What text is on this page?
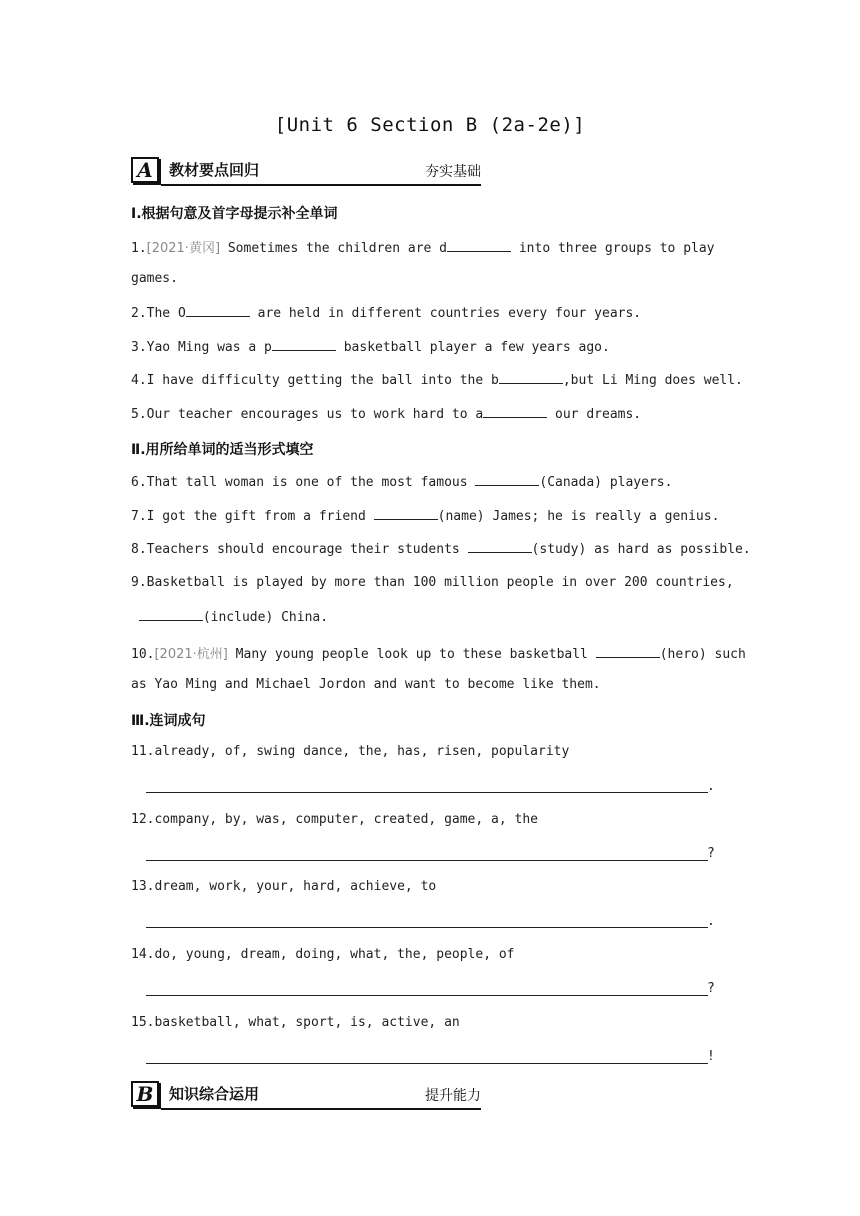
[Unit 6 Section B (2a-2e)]
A	教材要点回归	夯实基础
Ⅰ.根据句意及首字母提示补全单词
1.[2021·黄冈] Sometimes the children are d	into three groups to play
games.
2.The O	are held in different countries every four years.
3.Yao Ming was a p	basketball player a few years ago.
4.I have difficulty getting the ball into the b	,but Li Ming does well.
5.Our teacher encourages us to work hard to a	our dreams.
Ⅱ.用所给单词的适当形式填空
6.That tall woman is one of the most famous	(Canada) players.
7.I got the gift from a friend	(name) James; he is really a genius.
8.Teachers should encourage their students	(study) as hard as possible.
9.Basketball is played by more than 100 million people in over 200 countries,
(include) China.
10.[2021·杭州] Many young people look up to these basketball	(hero) such
as Yao Ming and Michael Jordon and want to become like them.
Ⅲ.连词成句
11.already, of, swing dance, the, has, risen, popularity
.
12.company, by, was, computer, created, game, a, the
?
13.dream, work, your, hard, achieve, to
.
14.do, young, dream, doing, what, the, people, of
?
15.basketball, what, sport, is, active, an
!
B	知识综合运用	提升能力
